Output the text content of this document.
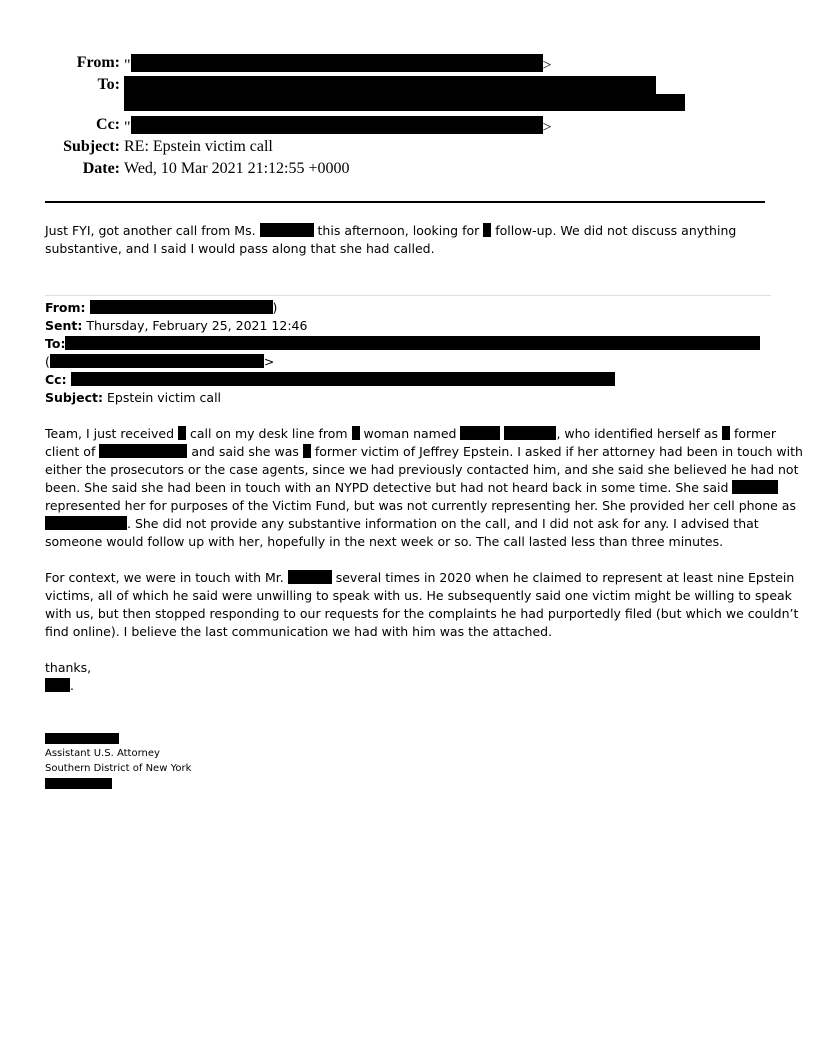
From: "	>
To:
Cc: "	>
Subject: RE: Epstein victim call
Date: Wed, 10 Mar 2021 21:12:55 +0000
Just FYI, got another call from Ms.	this afternoon, looking for follow-up. We did not discuss anything
substantive, and I said I would pass along that she had called.
From:	)
Sent: Thursday, February 25, 2021 12:46
To:
(	>
Cc:
Subject: Epstein victim call
Team, I just received call on my desk line from woman named	, who identified herself as former
client of	and said she was former victim of Jeffrey Epstein. I asked if her attorney had been in touch with
either the prosecutors or the case agents, since we had previously contacted him, and she said she believed he had not
been. She said she had been in touch with an NYPD detective but had not heard back in some time. She said
represented her for purposes of the Victim Fund, but was not currently representing her. She provided her cell phone as
. She did not provide any substantive information on the call, and I did not ask for any. I advised that
someone would follow up with her, hopefully in the next week or so. The call lasted less than three minutes.
For context, we were in touch with Mr.	several times in 2020 when he claimed to represent at least nine Epstein
victims, all of which he said were unwilling to speak with us. He subsequently said one victim might be willing to speak
with us, but then stopped responding to our requests for the complaints he had purportedly filed (but which we couldn’t
find online). I believe the last communication we had with him was the attached.
thanks,
.
Assistant U.S. Attorney
Southern District of New York
